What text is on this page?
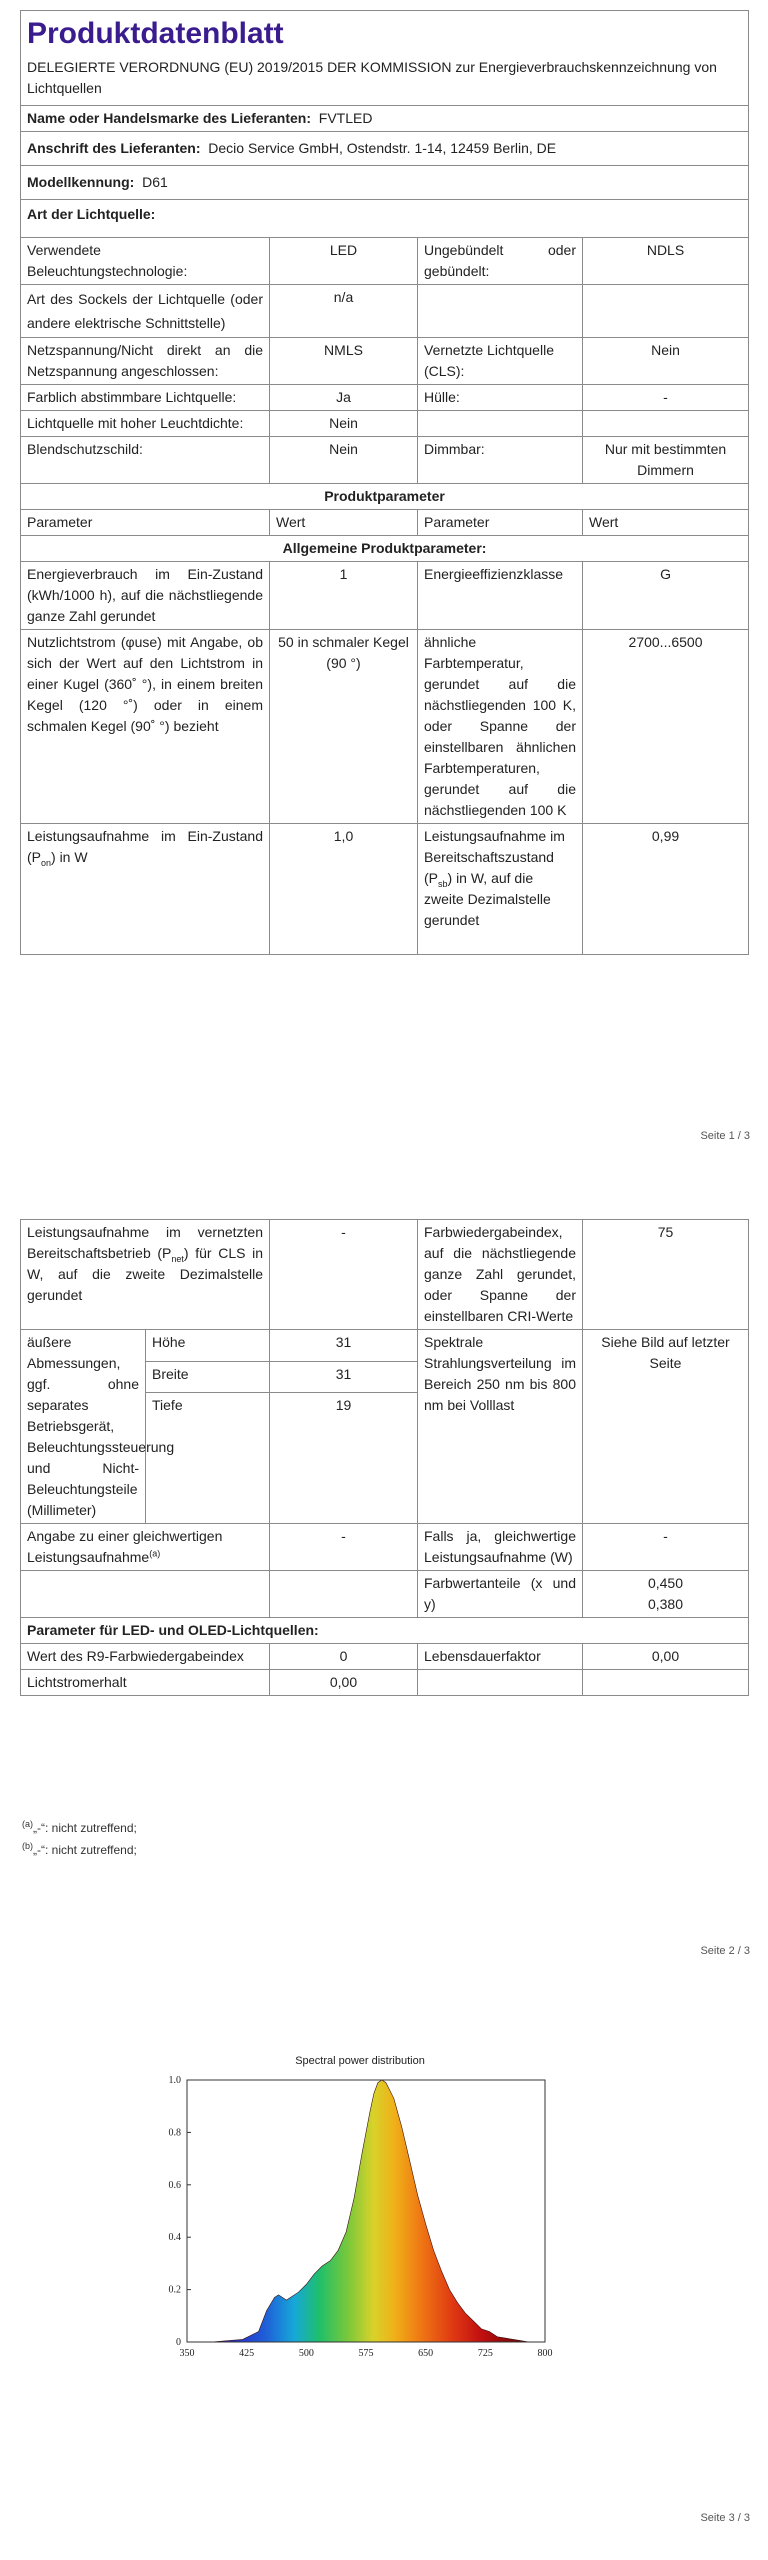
Produktdatenblatt
DELEGIERTE VERORDNUNG (EU) 2019/2015 DER KOMMISSION zur Energieverbrauchskennzeichnung von Lichtquellen			

Name oder Handelsmarke des Lieferanten: FVTLED			
Anschrift des Lieferanten: Decio Service GmbH, Ostendstr. 1-14, 12459 Berlin, DE			
Modellkennung: D61			
Art der Lichtquelle:			
Verwendete Beleuchtungstechnologie:	LED	Ungebündelt oder gebündelt:	NDLS
Art des Sockels der Lichtquelle (oder andere elektrische Schnittstelle)	n/a		
Netzspannung/Nicht direkt an die Netzspannung angeschlossen:	NMLS	Vernetzte Lichtquelle (CLS):	Nein
Farblich abstimmbare Lichtquelle:	Ja	Hülle:	-
Lichtquelle mit hoher Leuchtdichte:	Nein		
Blendschutzschild:	Nein	Dimmbar:	Nur mit bestimmten Dimmern
Produktparameter			
Parameter	Wert	Parameter	Wert
Allgemeine Produktparameter:			
Energieverbrauch im Ein-Zustand (kWh/1000 h), auf die nächstliegende ganze Zahl gerundet	1	Energieeffizienzklasse	G
Nutzlichtstrom (φuse) mit Angabe, ob sich der Wert auf den Lichtstrom in einer Kugel (360˚ °), in einem breiten Kegel (120 °˚) oder in einem schmalen Kegel (90˚ °) bezieht	50 in schmaler Kegel (90 °)	ähnliche Farbtemperatur, gerundet auf die nächstliegenden 100 K, oder Spanne der einstellbaren ähnlichen Farbtemperaturen, gerundet auf die nächstliegenden 100 K	2700...6500
Leistungsaufnahme im Ein-Zustand $(P_{on})$ in W	1,0	Leistungsaufnahme im Bereitschaftszustand $(P_{sb})$ in W, auf die zweite Dezimalstelle gerundet	0,99
Seite 1 / 3
Leistungsaufnahme im vernetzten Bereitschaftsbetrieb $(P_{net})$ für CLS in W, auf die zweite Dezimalstelle gerundet		-	Farbwiedergabeindex, auf die nächstliegende ganze Zahl gerundet, oder Spanne der einstellbaren CRI-Werte	75
äußere Abmessungen, ggf. ohne separates Betriebsgerät, Beleuchtungssteuerung und Nicht-Beleuchtungsteile (Millimeter)	Höhe	31	Spektrale Strahlungsverteilung im Bereich 250 nm bis 800 nm bei Volllast	Siehe Bild auf letzter Seite
	Breite	31		
	Tiefe	19		
Angabe zu einer gleichwertigen Leistungsaufnahme$^{(a)}$		-	Falls ja, gleichwertige Leistungsaufnahme (W)	-
			Farbwertanteile (x und y)	0,450
0,380

Parameter für LED- und OLED-Lichtquellen:				
Wert des R9-Farbwiedergabeindex		0	Lebensdauerfaktor	0,00
Lichtstromerhalt		0,00		
$^{(a)}$„-“: nicht zutreffend;
$^{(b)}$„-“: nicht zutreffend;
Seite 2 / 3
Spectral power distribution
350	425	500	575	650	725	800
0
0.2
0.4
0.6
0.8
1.0
Seite 3 / 3
